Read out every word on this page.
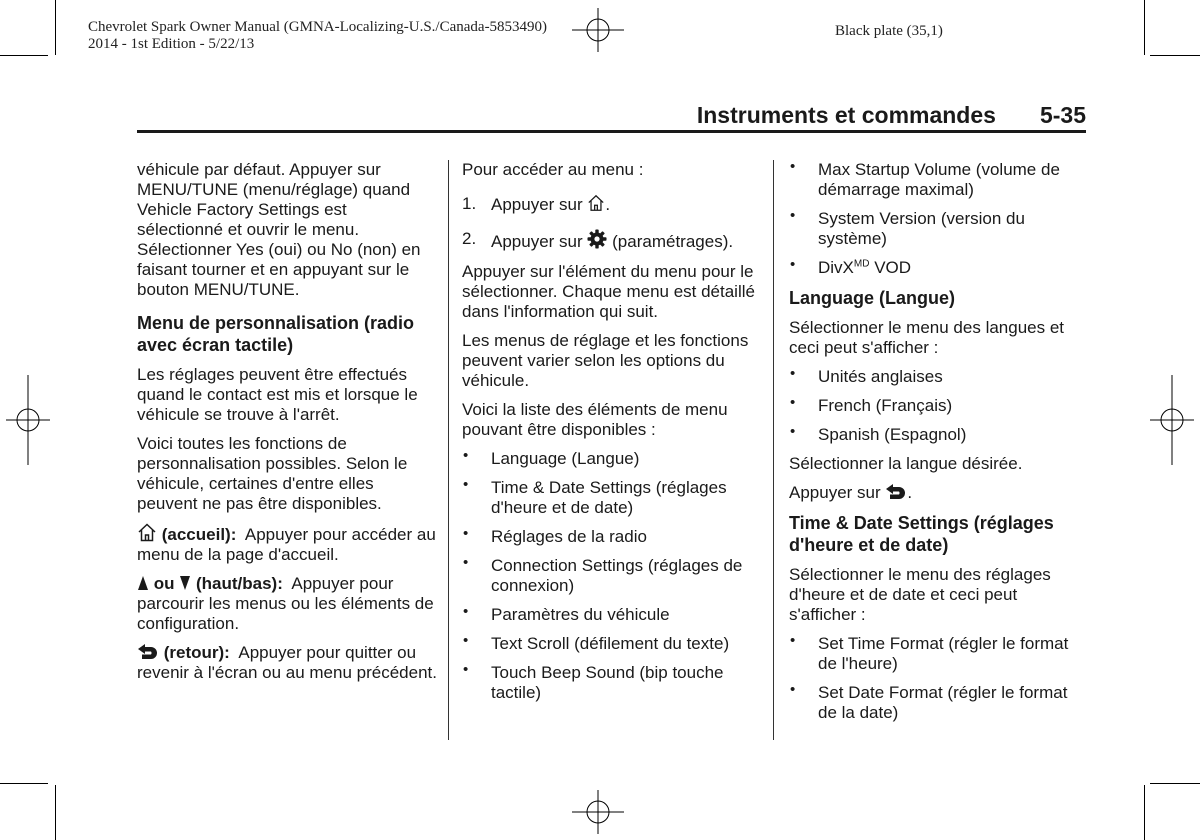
Chevrolet Spark Owner Manual (GMNA-Localizing-U.S./Canada-5853490)
2014 - 1st Edition - 5/22/13
Black plate (35,1)
Instruments et commandes 5-35

véhicule par défaut. Appuyer sur MENU/TUNE (menu/réglage) quand Vehicle Factory Settings est sélectionné et ouvrir le menu. Sélectionner Yes (oui) ou No (non) en faisant tourner et en appuyant sur le bouton MENU/TUNE.

Menu de personnalisation (radio avec écran tactile)

Les réglages peuvent être effectués quand le contact est mis et lorsque le véhicule se trouve à l'arrêt.

Voici toutes les fonctions de personnalisation possibles. Selon le véhicule, certaines d'entre elles peuvent ne pas être disponibles.

(accueil): Appuyer pour accéder au menu de la page d'accueil.

ou (haut/bas): Appuyer pour parcourir les menus ou les éléments de configuration.

(retour): Appuyer pour quitter ou revenir à l'écran ou au menu précédent.

Pour accéder au menu :

1. Appuyer sur .
2. Appuyer sur (paramétrages).

Appuyer sur l'élément du menu pour le sélectionner. Chaque menu est détaillé dans l'information qui suit.

Les menus de réglage et les fonctions peuvent varier selon les options du véhicule.

Voici la liste des éléments de menu pouvant être disponibles :

• Language (Langue)
• Time & Date Settings (réglages d'heure et de date)
• Réglages de la radio
• Connection Settings (réglages de connexion)
• Paramètres du véhicule
• Text Scroll (défilement du texte)
• Touch Beep Sound (bip touche tactile)
• Max Startup Volume (volume de démarrage maximal)
• System Version (version du système)
• DivX$^{MD}$ VOD
Language (Langue)

Sélectionner le menu des langues et ceci peut s'afficher :

• Unités anglaises
• French (Français)
• Spanish (Espagnol)

Sélectionner la langue désirée.

Appuyer sur .

Time & Date Settings (réglages d'heure et de date)

Sélectionner le menu des réglages d'heure et de date et ceci peut s'afficher :

• Set Time Format (régler le format de l'heure)
• Set Date Format (régler le format de la date)
